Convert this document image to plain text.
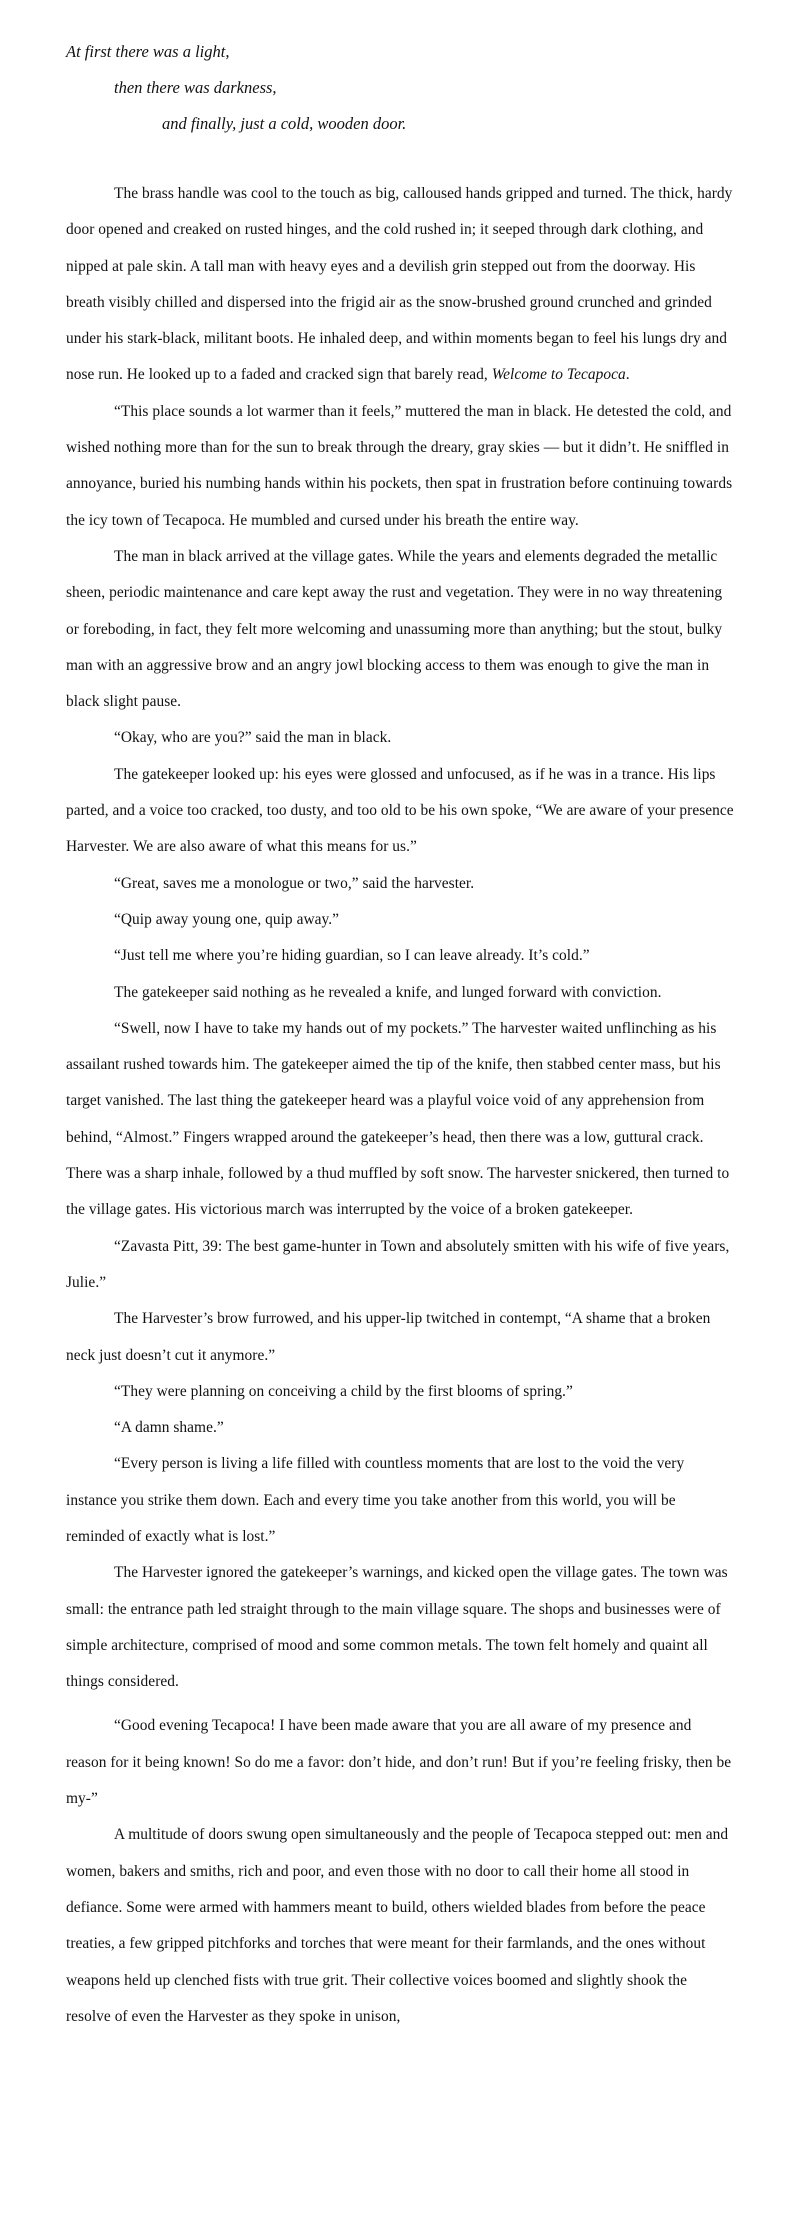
At first there was a light,
then there was darkness,
and finally, just a cold, wooden door.

The brass handle was cool to the touch as big, calloused hands gripped and turned. The thick, hardy door opened and creaked on rusted hinges, and the cold rushed in; it seeped through dark clothing, and nipped at pale skin. A tall man with heavy eyes and a devilish grin stepped out from the doorway. His breath visibly chilled and dispersed into the frigid air as the snow-brushed ground crunched and grinded under his stark-black, militant boots. He inhaled deep, and within moments began to feel his lungs dry and nose run. He looked up to a faded and cracked sign that barely read, Welcome to Tecapoca.

“This place sounds a lot warmer than it feels,” muttered the man in black. He detested the cold, and wished nothing more than for the sun to break through the dreary, gray skies — but it didn’t. He sniffled in annoyance, buried his numbing hands within his pockets, then spat in frustration before continuing towards the icy town of Tecapoca. He mumbled and cursed under his breath the entire way.

The man in black arrived at the village gates. While the years and elements degraded the metallic sheen, periodic maintenance and care kept away the rust and vegetation. They were in no way threatening or foreboding, in fact, they felt more welcoming and unassuming more than anything; but the stout, bulky man with an aggressive brow and an angry jowl blocking access to them was enough to give the man in black slight pause.

“Okay, who are you?” said the man in black.

The gatekeeper looked up: his eyes were glossed and unfocused, as if he was in a trance. His lips parted, and a voice too cracked, too dusty, and too old to be his own spoke, “We are aware of your presence Harvester. We are also aware of what this means for us.”

“Great, saves me a monologue or two,” said the harvester.

“Quip away young one, quip away.”

“Just tell me where you’re hiding guardian, so I can leave already. It’s cold.”

The gatekeeper said nothing as he revealed a knife, and lunged forward with conviction.

“Swell, now I have to take my hands out of my pockets.” The harvester waited unflinching as his assailant rushed towards him. The gatekeeper aimed the tip of the knife, then stabbed center mass, but his target vanished. The last thing the gatekeeper heard was a playful voice void of any apprehension from behind, “Almost.” Fingers wrapped around the gatekeeper’s head, then there was a low, guttural crack. There was a sharp inhale, followed by a thud muffled by soft snow. The harvester snickered, then turned to the village gates. His victorious march was interrupted by the voice of a broken gatekeeper.

“Zavasta Pitt, 39: The best game-hunter in Town and absolutely smitten with his wife of five years, Julie.”

The Harvester’s brow furrowed, and his upper-lip twitched in contempt, “A shame that a broken neck just doesn’t cut it anymore.”

“They were planning on conceiving a child by the first blooms of spring.”

“A damn shame.”

“Every person is living a life filled with countless moments that are lost to the void the very instance you strike them down. Each and every time you take another from this world, you will be reminded of exactly what is lost.”

The Harvester ignored the gatekeeper’s warnings, and kicked open the village gates. The town was small: the entrance path led straight through to the main village square. The shops and businesses were of simple architecture, comprised of mood and some common metals. The town felt homely and quaint all things considered.

“Good evening Tecapoca! I have been made aware that you are all aware of my presence and reason for it being known! So do me a favor: don’t hide, and don’t run! But if you’re feeling frisky, then be my-”

A multitude of doors swung open simultaneously and the people of Tecapoca stepped out: men and women, bakers and smiths, rich and poor, and even those with no door to call their home all stood in defiance. Some were armed with hammers meant to build, others wielded blades from before the peace treaties, a few gripped pitchforks and torches that were meant for their farmlands, and the ones without weapons held up clenched fists with true grit. Their collective voices boomed and slightly shook the resolve of even the Harvester as they spoke in unison,
